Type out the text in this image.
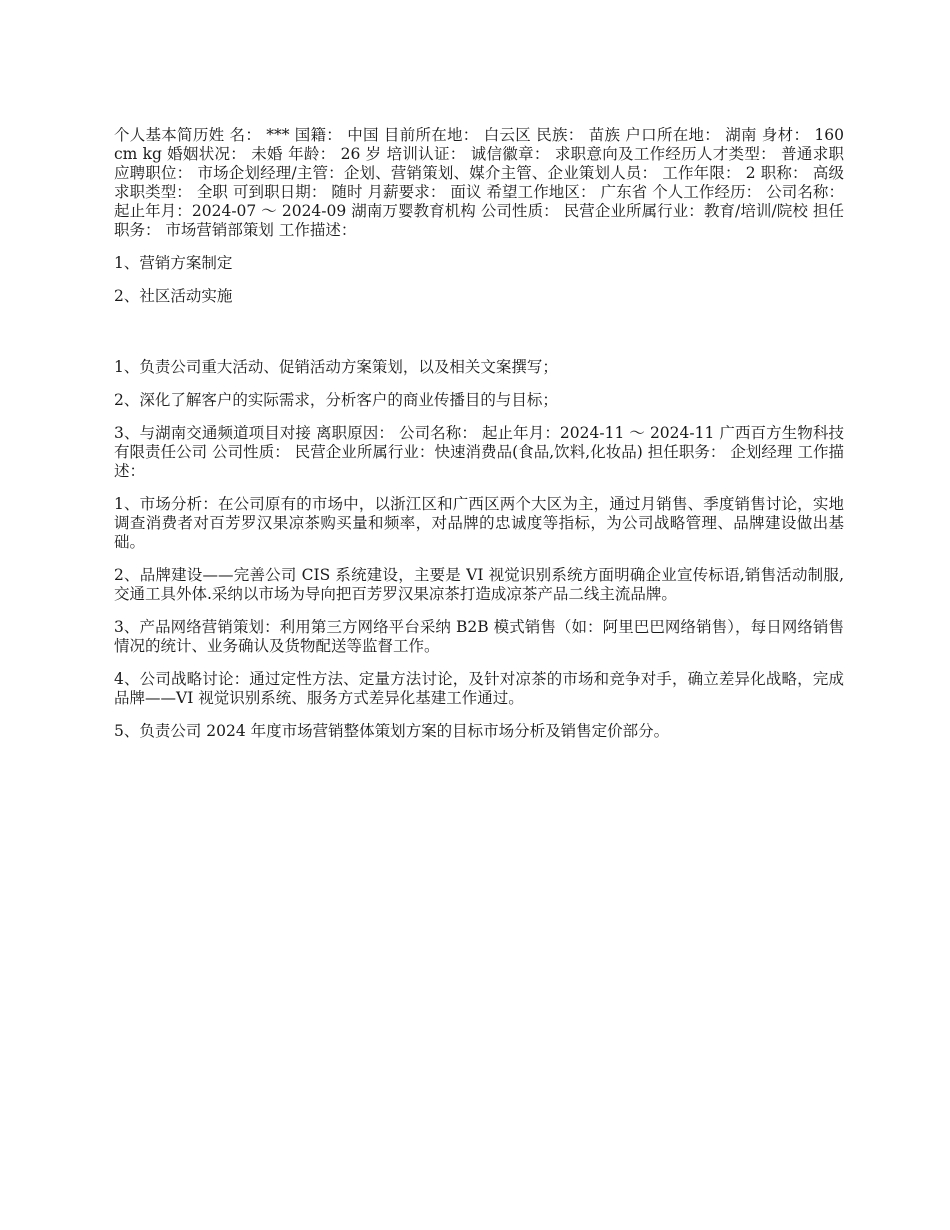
个人基本简历姓 名： *** 国籍： 中国 目前所在地： 白云区 民族： 苗族 户口所在地： 湖南 身材： 160 cm kg 婚姻状况： 未婚 年龄： 26 岁 培训认证： 诚信徽章： 求职意向及工作经历人才类型： 普通求职 应聘职位： 市场企划经理/主管：企划、营销策划、媒介主管、企业策划人员： 工作年限： 2 职称： 高级 求职类型： 全职 可到职日期： 随时 月薪要求： 面议 希望工作地区： 广东省 个人工作经历： 公司名称： 起止年月：2024-07 ～ 2024-09 湖南万婴教育机构 公司性质： 民营企业所属行业：教育/培训/院校 担任职务： 市场营销部策划 工作描述：

1、营销方案制定

2、社区活动实施

1、负责公司重大活动、促销活动方案策划，以及相关文案撰写；

2、深化了解客户的实际需求，分析客户的商业传播目的与目标；

3、与湖南交通频道项目对接 离职原因： 公司名称： 起止年月：2024-11 ～ 2024-11 广西百方生物科技有限责任公司 公司性质： 民营企业所属行业：快速消费品(食品,饮料,化妆品) 担任职务： 企划经理 工作描述：

1、市场分析：在公司原有的市场中，以浙江区和广西区两个大区为主，通过月销售、季度销售讨论，实地调查消费者对百芳罗汉果凉茶购买量和频率，对品牌的忠诚度等指标，为公司战略管理、品牌建设做出基础。

2、品牌建设——完善公司 CIS 系统建设，主要是 VI 视觉识别系统方面明确企业宣传标语,销售活动制服,交通工具外体.采纳以市场为导向把百芳罗汉果凉茶打造成凉茶产品二线主流品牌。

3、产品网络营销策划：利用第三方网络平台采纳 B2B 模式销售（如：阿里巴巴网络销售），每日网络销售情况的统计、业务确认及货物配送等监督工作。

4、公司战略讨论：通过定性方法、定量方法讨论，及针对凉茶的市场和竞争对手，确立差异化战略，完成品牌——VI 视觉识别系统、服务方式差异化基建工作通过。

5、负责公司 2024 年度市场营销整体策划方案的目标市场分析及销售定价部分。
